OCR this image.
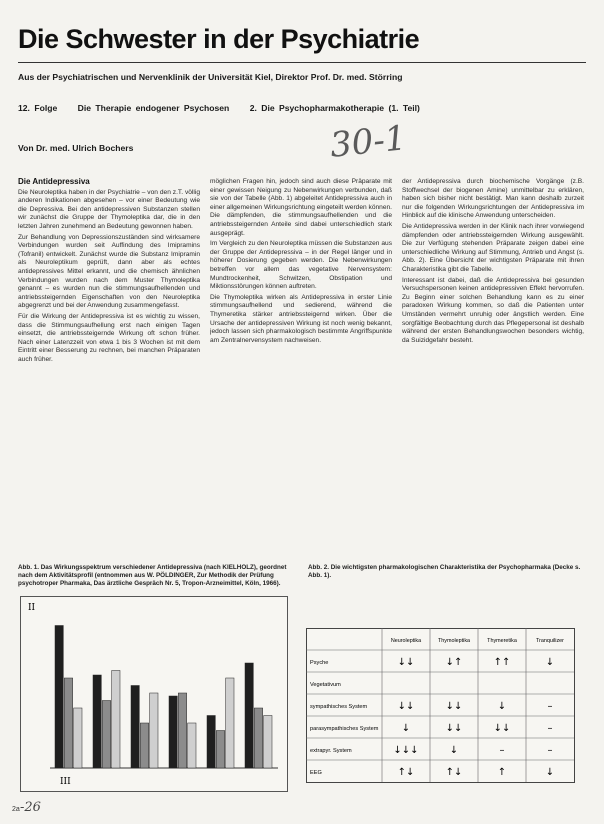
Die Schwester in der Psychiatrie
Aus der Psychiatrischen und Nervenklinik der Universität Kiel, Direktor Prof. Dr. med. Störring
12. Folge Die Therapie endogener Psychosen 2. Die Psychopharmakotherapie (1. Teil)
Von Dr. med. Ulrich Bochers	30-1
Die Antidepressiva

Die Neuroleptika haben in der Psychiatrie – von den z.T. völlig anderen Indikationen abgesehen – vor einer Bedeutung wie die Depressiva. Bei den antidepressiven Substanzen stellen wir zunächst die Gruppe der Thymoleptika dar, die in den letzten Jahren zunehmend an Bedeutung gewonnen haben.

Zur Behandlung von Depressionszuständen sind wirksamere Verbindungen wurden seit Auffindung des Imipramins (Tofranil) entwickelt. Zunächst wurde die Substanz Imipramin als Neuroleptikum geprüft, dann aber als echtes antidepressives Mittel erkannt, und die chemisch ähnlichen Verbindungen wurden nach dem Muster Thymoleptika genannt – es wurden nun die stimmungsaufhellenden und antriebssteigernden Eigenschaften von den Neuroleptika abgegrenzt und bei der Anwendung zusammengefasst.

Für die Wirkung der Antidepressiva ist es wichtig zu wissen, dass die Stimmungsaufhellung erst nach einigen Tagen einsetzt, die antriebssteigernde Wirkung oft schon früher. Nach einer Latenzzeit von etwa 1 bis 3 Wochen ist mit dem Eintritt einer Besserung zu rechnen, bei manchen Präparaten auch früher.

möglichen Fragen hin, jedoch sind auch diese Präparate mit einer gewissen Neigung zu Nebenwirkungen verbunden, daß sie von der Tabelle (Abb. 1) abgeleitet Antidepressiva auch in einer allgemeinen Wirkungsrichtung eingeteilt werden können. Die dämpfenden, die stimmungsaufhellenden und die antriebssteigernden Anteile sind dabei unterschiedlich stark ausgeprägt.

Im Vergleich zu den Neuroleptika müssen die Substanzen aus der Gruppe der Antidepressiva – in der Regel länger und in höherer Dosierung gegeben werden. Die Nebenwirkungen betreffen vor allem das vegetative Nervensystem: Mundtrockenheit, Schwitzen, Obstipation und Miktionsstörungen können auftreten.

Die Thymoleptika wirken als Antidepressiva in erster Linie stimmungsaufhellend und sedierend, während die Thymeretika stärker antriebssteigernd wirken. Über die Ursache der antidepressiven Wirkung ist noch wenig bekannt, jedoch lassen sich pharmakologisch bestimmte Angriffspunkte am Zentralnervensystem nachweisen.

der Antidepressiva durch biochemische Vorgänge (z.B. Stoffwechsel der biogenen Amine) unmittelbar zu erklären, haben sich bisher nicht bestätigt. Man kann deshalb zurzeit nur die folgenden Wirkungsrichtungen der Antidepressiva im Hinblick auf die klinische Anwendung unterscheiden.

Die Antidepressiva werden in der Klinik nach ihrer vorwiegend dämpfenden oder antriebssteigernden Wirkung ausgewählt. Die zur Verfügung stehenden Präparate zeigen dabei eine unterschiedliche Wirkung auf Stimmung, Antrieb und Angst (s. Abb. 2). Eine Übersicht der wichtigsten Präparate mit ihren Charakteristika gibt die Tabelle.

Interessant ist dabei, daß die Antidepressiva bei gesunden Versuchspersonen keinen antidepressiven Effekt hervorrufen. Zu Beginn einer solchen Behandlung kann es zu einer paradoxen Wirkung kommen, so daß die Patienten unter Umständen vermehrt unruhig oder ängstlich werden. Eine sorgfältige Beobachtung durch das Pflegepersonal ist deshalb während der ersten Behandlungswochen besonders wichtig, da Suizidgefahr besteht.

Abb. 1. Das Wirkungsspektrum verschiedener Antidepressiva (nach KIELHOLZ), geordnet nach dem Aktivitätsprofil (entnommen aus W. PÖLDINGER, Zur Methodik der Prüfung psychotroper Pharmaka, Das ärztliche Gespräch Nr. 5, Tropon-Arzneimittel, Köln, 1966).
Abb. 2. Die wichtigsten pharmakologischen Charakteristika der Psychopharmaka (Decke s. Abb. 1).
II
III
Neuroleptika	Thymoleptika	Thymeretika	Tranquilizer
Psyche	↓↓	↓↑	↑↑	↓
Vegetativum
sympathisches System	↓↓	↓↓	↓	–
parasympathisches System ↓	↓↓	↓↓	–
extrapyr. System	↓↓↓	↓	–	–
EEG	↑↓	↑↓	↑	↓
-26
2a
